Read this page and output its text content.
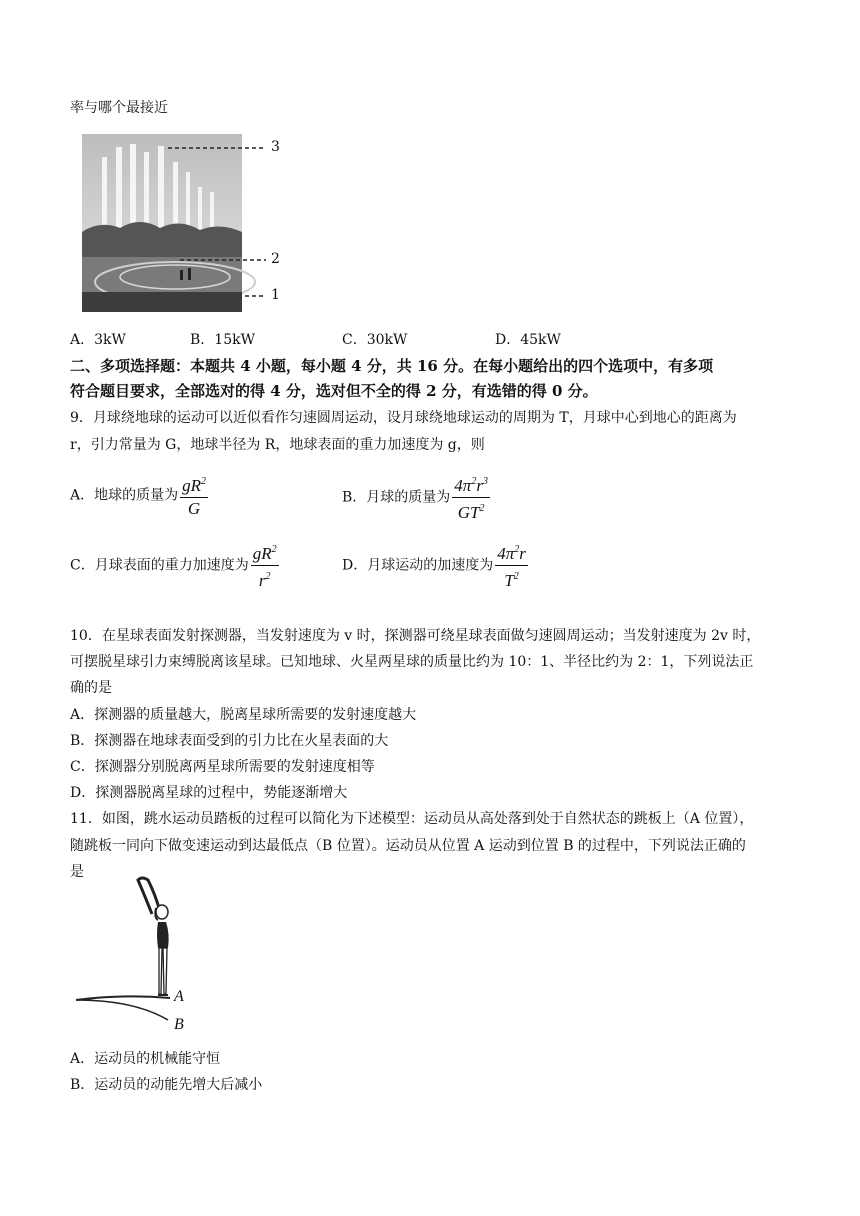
率与哪个最接近
3
2
1
A．3kW	B．15kW	C．30kW	D．45kW
二、多项选择题：本题共 4 小题，每小题 4 分，共 16 分。在每小题给出的四个选项中，有多项
符合题目要求，全部选对的得 4 分，选对但不全的得 2 分，有选错的得 0 分。
9．月球绕地球的运动可以近似看作匀速圆周运动，设月球绕地球运动的周期为 T，月球中心到地心的距离为
r，引力常量为 G，地球半径为 R，地球表面的重力加速度为 g，则
A．地球的质量为 $\frac{gR^2}{G}$	B．月球的质量为 $\frac{4\pi^2r^3}{GT^2}$
C．月球表面的重力加速度为 $\frac{gR^2}{r^2}$	D．月球运动的加速度为 $\frac{4\pi^2r}{T^2}$
10．在星球表面发射探测器，当发射速度为 v 时，探测器可绕星球表面做匀速圆周运动；当发射速度为 2v 时，
可摆脱星球引力束缚脱离该星球。已知地球、火星两星球的质量比约为 10：1、半径比约为 2：1，下列说法正
确的是
A．探测器的质量越大，脱离星球所需要的发射速度越大
B．探测器在地球表面受到的引力比在火星表面的大
C．探测器分别脱离两星球所需要的发射速度相等
D．探测器脱离星球的过程中，势能逐渐增大
11．如图，跳水运动员踏板的过程可以简化为下述模型：运动员从高处落到处于自然状态的跳板上（A 位置），
随跳板一同向下做变速运动到达最低点（B 位置）。运动员从位置 A 运动到位置 B 的过程中，下列说法正确的
是
A
B
A．运动员的机械能守恒
B．运动员的动能先增大后减小
